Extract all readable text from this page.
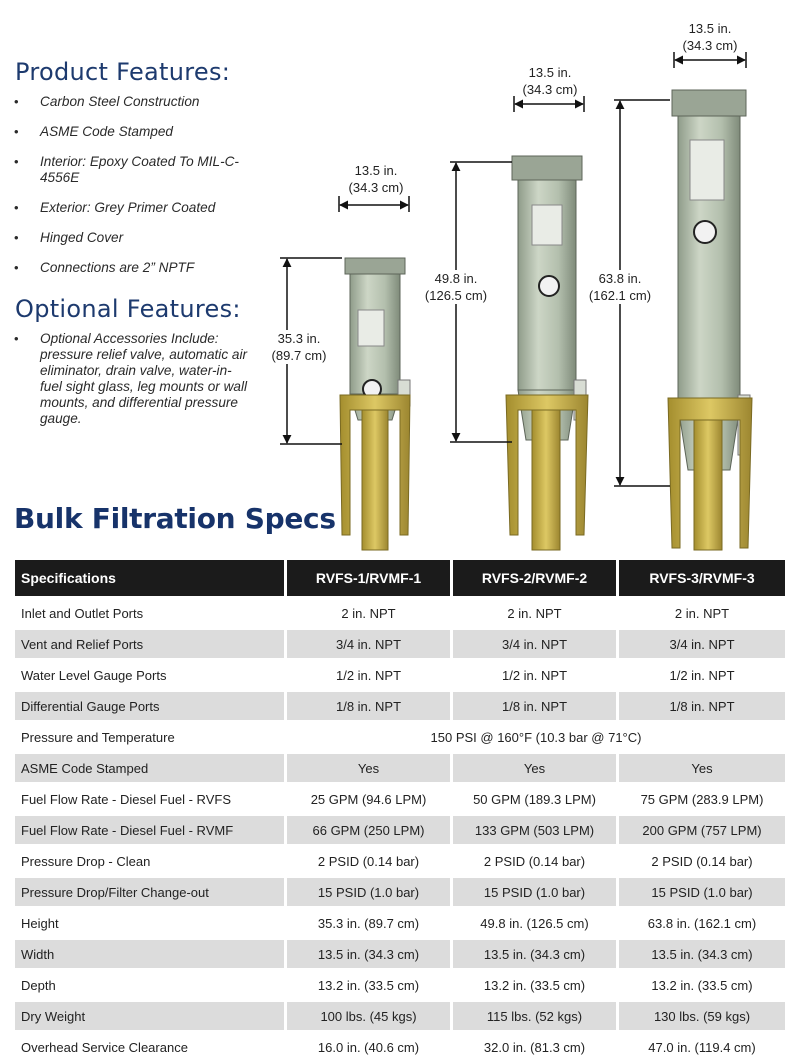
Product Features:
• Carbon Steel Construction
• ASME Code Stamped
• Interior: Epoxy Coated To MIL-C-4556E
• Exterior: Grey Primer Coated
• Hinged Cover
• Connections are 2” NPTF
Optional Features:
• Optional Accessories Include: pressure relief valve, automatic air eliminator, drain valve, water-in-fuel sight glass, leg mounts or wall mounts, and differential pressure gauge.
13.5 in.
(34.3 cm)
35.3 in.
(89.7 cm)
13.5 in.
(34.3 cm)
49.8 in.
(126.5 cm)
13.5 in.
(34.3 cm)
63.8 in.
(162.1 cm)
Bulk Filtration Specs
Specifications	RVFS-1/RVMF-1	RVFS-2/RVMF-2	RVFS-3/RVMF-3
Inlet and Outlet Ports	2 in. NPT	2 in. NPT	2 in. NPT
Vent and Relief Ports	3/4 in. NPT	3/4 in. NPT	3/4 in. NPT
Water Level Gauge Ports	1/2 in. NPT	1/2 in. NPT	1/2 in. NPT
Differential Gauge Ports	1/8 in. NPT	1/8 in. NPT	1/8 in. NPT
Pressure and Temperature	150 PSI @ 160°F (10.3 bar @ 71°C)		
ASME Code Stamped	Yes	Yes	Yes
Fuel Flow Rate - Diesel Fuel - RVFS	25 GPM (94.6 LPM)	50 GPM (189.3 LPM)	75 GPM (283.9 LPM)
Fuel Flow Rate - Diesel Fuel - RVMF	66 GPM (250 LPM)	133 GPM (503 LPM)	200 GPM (757 LPM)
Pressure Drop - Clean	2 PSID (0.14 bar)	2 PSID (0.14 bar)	2 PSID (0.14 bar)
Pressure Drop/Filter Change-out	15 PSID (1.0 bar)	15 PSID (1.0 bar)	15 PSID (1.0 bar)
Height	35.3 in. (89.7 cm)	49.8 in. (126.5 cm)	63.8 in. (162.1 cm)
Width	13.5 in. (34.3 cm)	13.5 in. (34.3 cm)	13.5 in. (34.3 cm)
Depth	13.2 in. (33.5 cm)	13.2 in. (33.5 cm)	13.2 in. (33.5 cm)
Dry Weight	100 lbs. (45 kgs)	115 lbs. (52 kgs)	130 lbs. (59 kgs)
Overhead Service Clearance	16.0 in. (40.6 cm)	32.0 in. (81.3 cm)	47.0 in. (119.4 cm)
